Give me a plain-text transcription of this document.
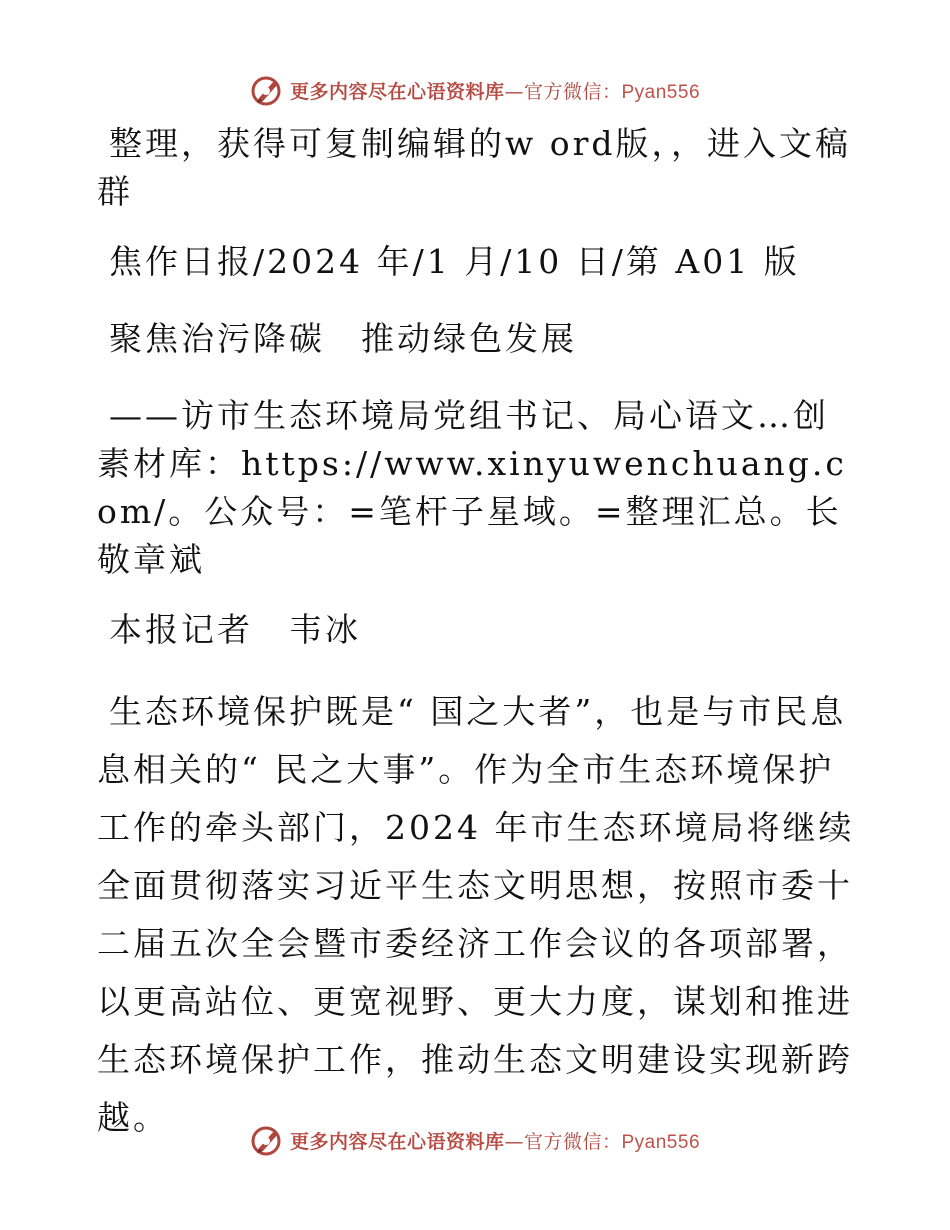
更多内容尽在心语资料库—官方微信：Pyan556

整理，获得可复制编辑的w ord版，，进入文稿群

焦作日报/2024 年/1 月/10 日/第 A01 版

聚焦治污降碳　推动绿色发展

——访市生态环境局党组书记、局心语文…创素材库：https://www.xinyuwenchuang.com/。公众号：=笔杆子星域。=整理汇总。长敬章斌

本报记者　韦冰

生态环境保护既是“ 国之大者”，也是与市民息息相关的“ 民之大事”。作为全市生态环境保护工作的牵头部门，2024 年市生态环境局将继续全面贯彻落实习近平生态文明思想，按照市委十二届五次全会暨市委经济工作会议的各项部署，以更高站位、更宽视野、更大力度，谋划和推进生态环境保护工作，推动生态文明建设实现新跨越。

更多内容尽在心语资料库—官方微信：Pyan556
